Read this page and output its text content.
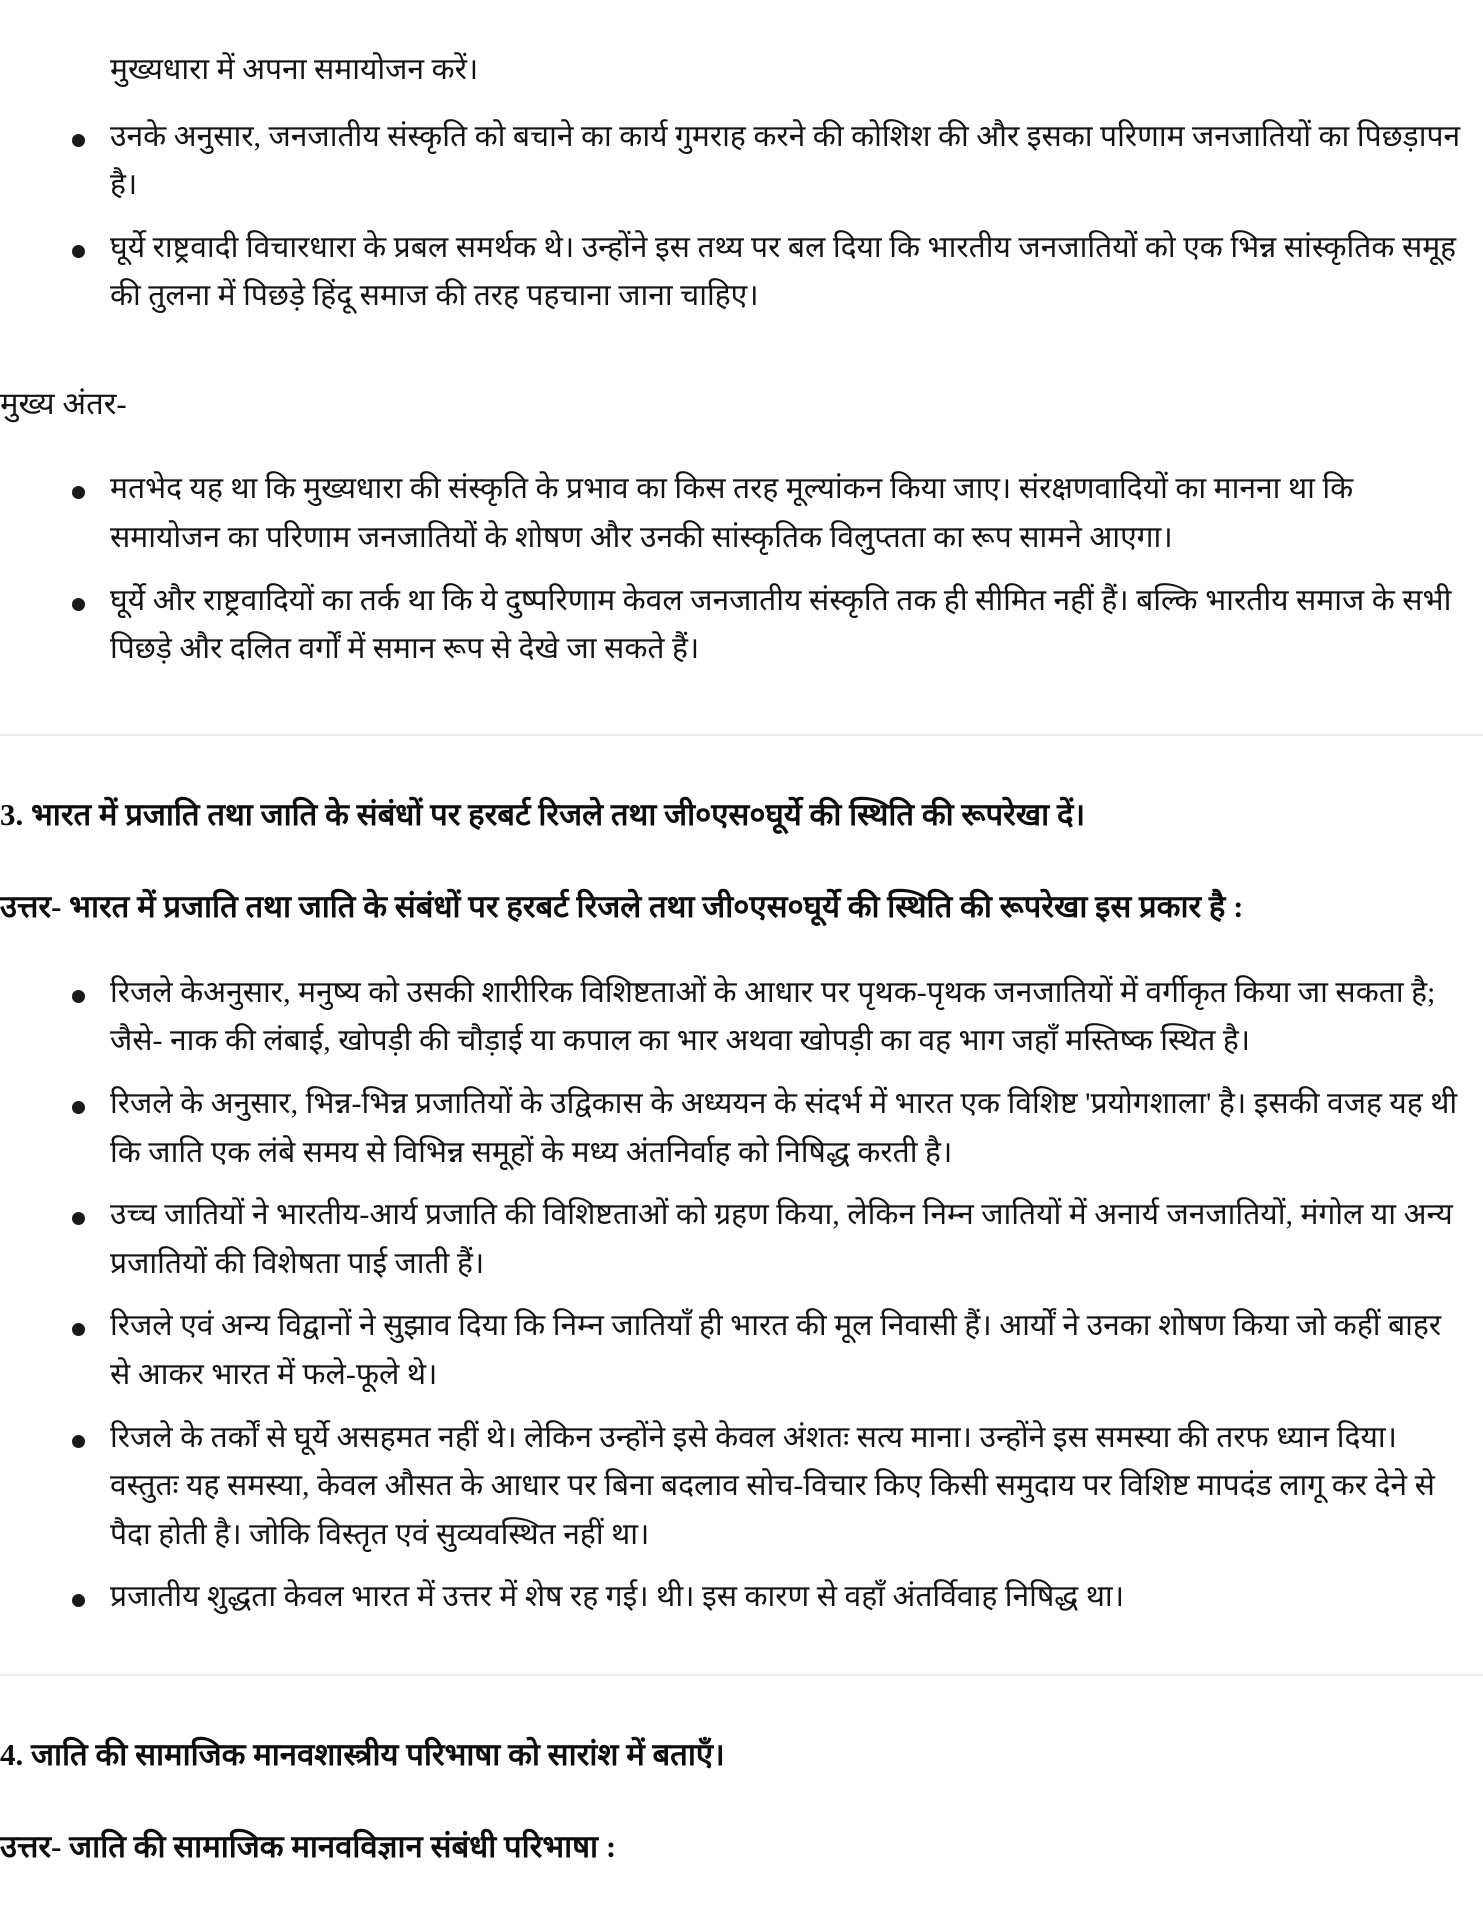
मुख्यधारा में अपना समायोजन करें।

उनके अनुसार, जनजातीय संस्कृति को बचाने का कार्य गुमराह करने की कोशिश की और इसका परिणाम जनजातियों का पिछड़ापन है।
घूर्ये राष्ट्रवादी विचारधारा के प्रबल समर्थक थे। उन्होंने इस तथ्य पर बल दिया कि भारतीय जनजातियों को एक भिन्न सांस्कृतिक समूह की तुलना में पिछड़े हिंदू समाज की तरह पहचाना जाना चाहिए।

मुख्य अंतर-

मतभेद यह था कि मुख्यधारा की संस्कृति के प्रभाव का किस तरह मूल्यांकन किया जाए। संरक्षणवादियों का मानना था कि समायोजन का परिणाम जनजातियों के शोषण और उनकी सांस्कृतिक विलुप्तता का रूप सामने आएगा।
घूर्ये और राष्ट्रवादियों का तर्क था कि ये दुष्परिणाम केवल जनजातीय संस्कृति तक ही सीमित नहीं हैं। बल्कि भारतीय समाज के सभी पिछड़े और दलित वर्गों में समान रूप से देखे जा सकते हैं।

3. भारत में प्रजाति तथा जाति के संबंधों पर हरबर्ट रिजले तथा जी०एस०घूर्ये की स्थिति की रूपरेखा दें।

उत्तर- भारत में प्रजाति तथा जाति के संबंधों पर हरबर्ट रिजले तथा जी०एस०घूर्ये की स्थिति की रूपरेखा इस प्रकार है :

रिजले केअनुसार, मनुष्य को उसकी शारीरिक विशिष्टताओं के आधार पर पृथक-पृथक जनजातियों में वर्गीकृत किया जा सकता है; जैसे- नाक की लंबाई, खोपड़ी की चौड़ाई या कपाल का भार अथवा खोपड़ी का वह भाग जहाँ मस्तिष्क स्थित है।
रिजले के अनुसार, भिन्न-भिन्न प्रजातियों के उद्विकास के अध्ययन के संदर्भ में भारत एक विशिष्ट 'प्रयोगशाला' है। इसकी वजह यह थी कि जाति एक लंबे समय से विभिन्न समूहों के मध्य अंतनिर्वाह को निषिद्ध करती है।
उच्च जातियों ने भारतीय-आर्य प्रजाति की विशिष्टताओं को ग्रहण किया, लेकिन निम्न जातियों में अनार्य जनजातियों, मंगोल या अन्य प्रजातियों की विशेषता पाई जाती हैं।
रिजले एवं अन्य विद्वानों ने सुझाव दिया कि निम्न जातियाँ ही भारत की मूल निवासी हैं। आर्यों ने उनका शोषण किया जो कहीं बाहर से आकर भारत में फले-फूले थे।
रिजले के तर्कों से घूर्ये असहमत नहीं थे। लेकिन उन्होंने इसे केवल अंशतः सत्य माना। उन्होंने इस समस्या की तरफ ध्यान दिया। वस्तुतः यह समस्या, केवल औसत के आधार पर बिना बदलाव सोच-विचार किए किसी समुदाय पर विशिष्ट मापदंड लागू कर देने से पैदा होती है। जोकि विस्तृत एवं सुव्यवस्थित नहीं था।
प्रजातीय शुद्धता केवल भारत में उत्तर में शेष रह गई। थी। इस कारण से वहाँ अंतर्विवाह निषिद्ध था।

4. जाति की सामाजिक मानवशास्त्रीय परिभाषा को सारांश में बताएँ।

उत्तर- जाति की सामाजिक मानवविज्ञान संबंधी परिभाषा :
